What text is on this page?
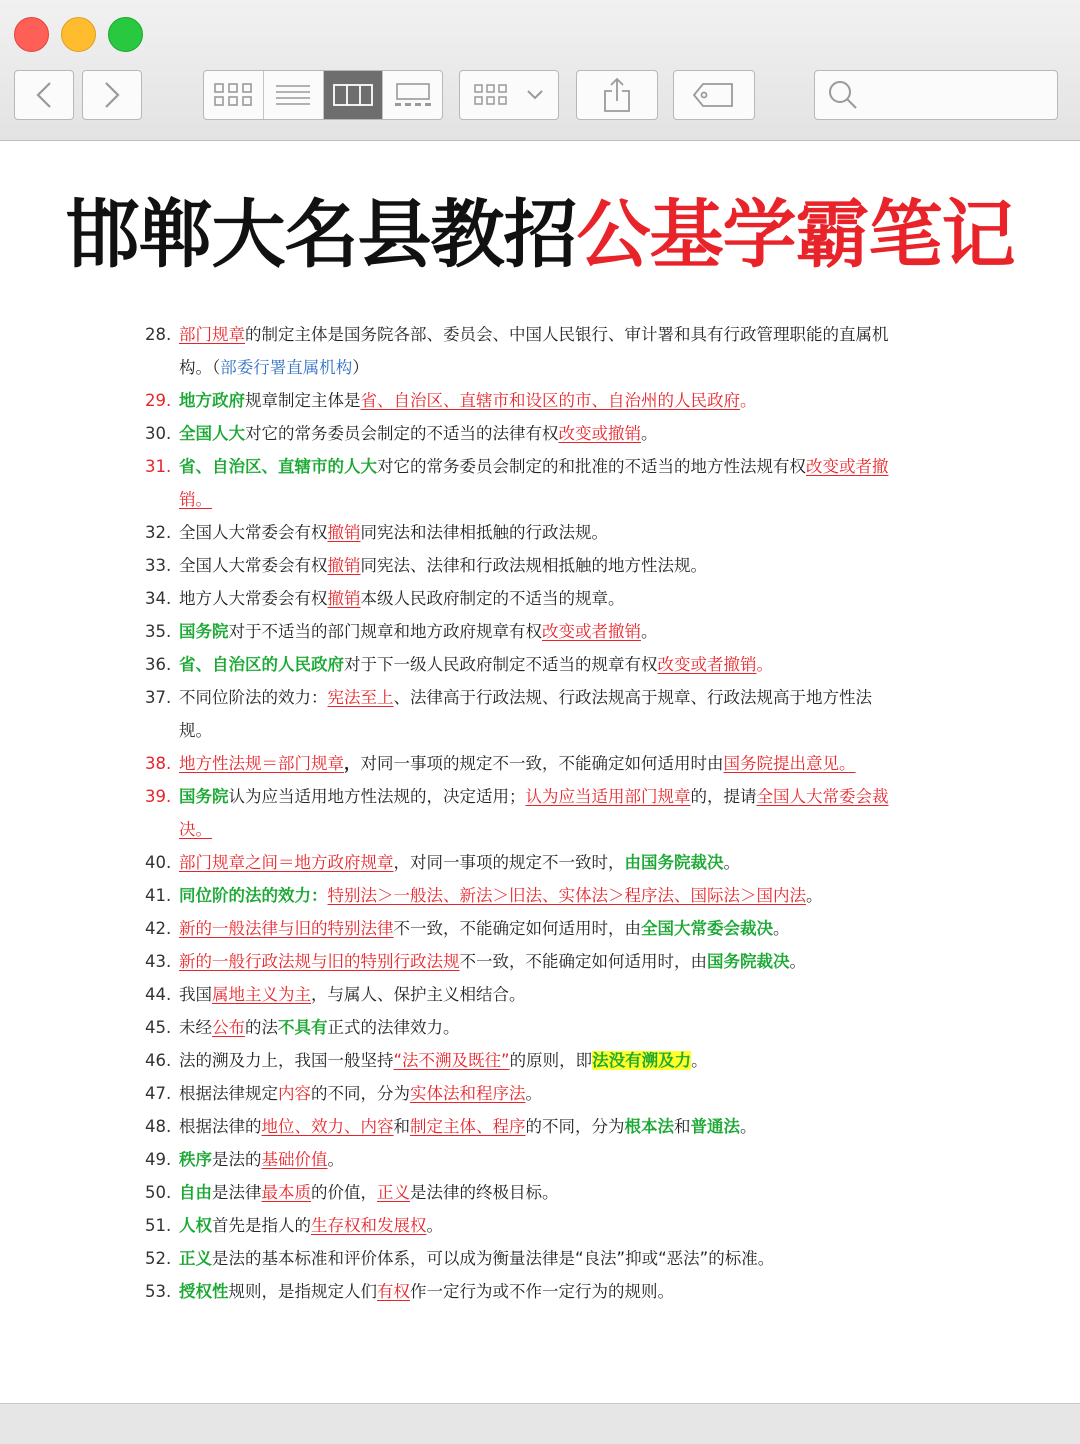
邯郸大名县教招公基学霸笔记
28. 部门规章的制定主体是国务院各部、委员会、中国人民银行、审计署和具有行政管理职能的直属机构。（部委行署直属机构）
29. 地方政府规章制定主体是省、自治区、直辖市和设区的市、自治州的人民政府。
30. 全国人大对它的常务委员会制定的不适当的法律有权改变或撤销。
31. 省、自治区、直辖市的人大对它的常务委员会制定的和批准的不适当的地方性法规有权改变或者撤销。
32. 全国人大常委会有权撤销同宪法和法律相抵触的行政法规。
33. 全国人大常委会有权撤销同宪法、法律和行政法规相抵触的地方性法规。
34. 地方人大常委会有权撤销本级人民政府制定的不适当的规章。
35. 国务院对于不适当的部门规章和地方政府规章有权改变或者撤销。
36. 省、自治区的人民政府对于下一级人民政府制定不适当的规章有权改变或者撤销。
37. 不同位阶法的效力：宪法至上、法律高于行政法规、行政法规高于规章、行政法规高于地方性法规。
38. 地方性法规＝部门规章，对同一事项的规定不一致，不能确定如何适用时由国务院提出意见。
39. 国务院认为应当适用地方性法规的，决定适用；认为应当适用部门规章的，提请全国人大常委会裁决。
40. 部门规章之间＝地方政府规章，对同一事项的规定不一致时，由国务院裁决。
41. 同位阶的法的效力：特别法＞一般法、新法＞旧法、实体法＞程序法、国际法＞国内法。
42. 新的一般法律与旧的特别法律不一致，不能确定如何适用时，由全国大常委会裁决。
43. 新的一般行政法规与旧的特别行政法规不一致，不能确定如何适用时，由国务院裁决。
44. 我国属地主义为主，与属人、保护主义相结合。
45. 未经公布的法不具有正式的法律效力。
46. 法的溯及力上，我国一般坚持“法不溯及既往”的原则，即法没有溯及力。
47. 根据法律规定内容的不同，分为实体法和程序法。
48. 根据法律的地位、效力、内容和制定主体、程序的不同，分为根本法和普通法。
49. 秩序是法的基础价值。
50. 自由是法律最本质的价值，正义是法律的终极目标。
51. 人权首先是指人的生存权和发展权。
52. 正义是法的基本标准和评价体系，可以成为衡量法律是“良法”抑或“恶法”的标准。
53. 授权性规则，是指规定人们有权作一定行为或不作一定行为的规则。
